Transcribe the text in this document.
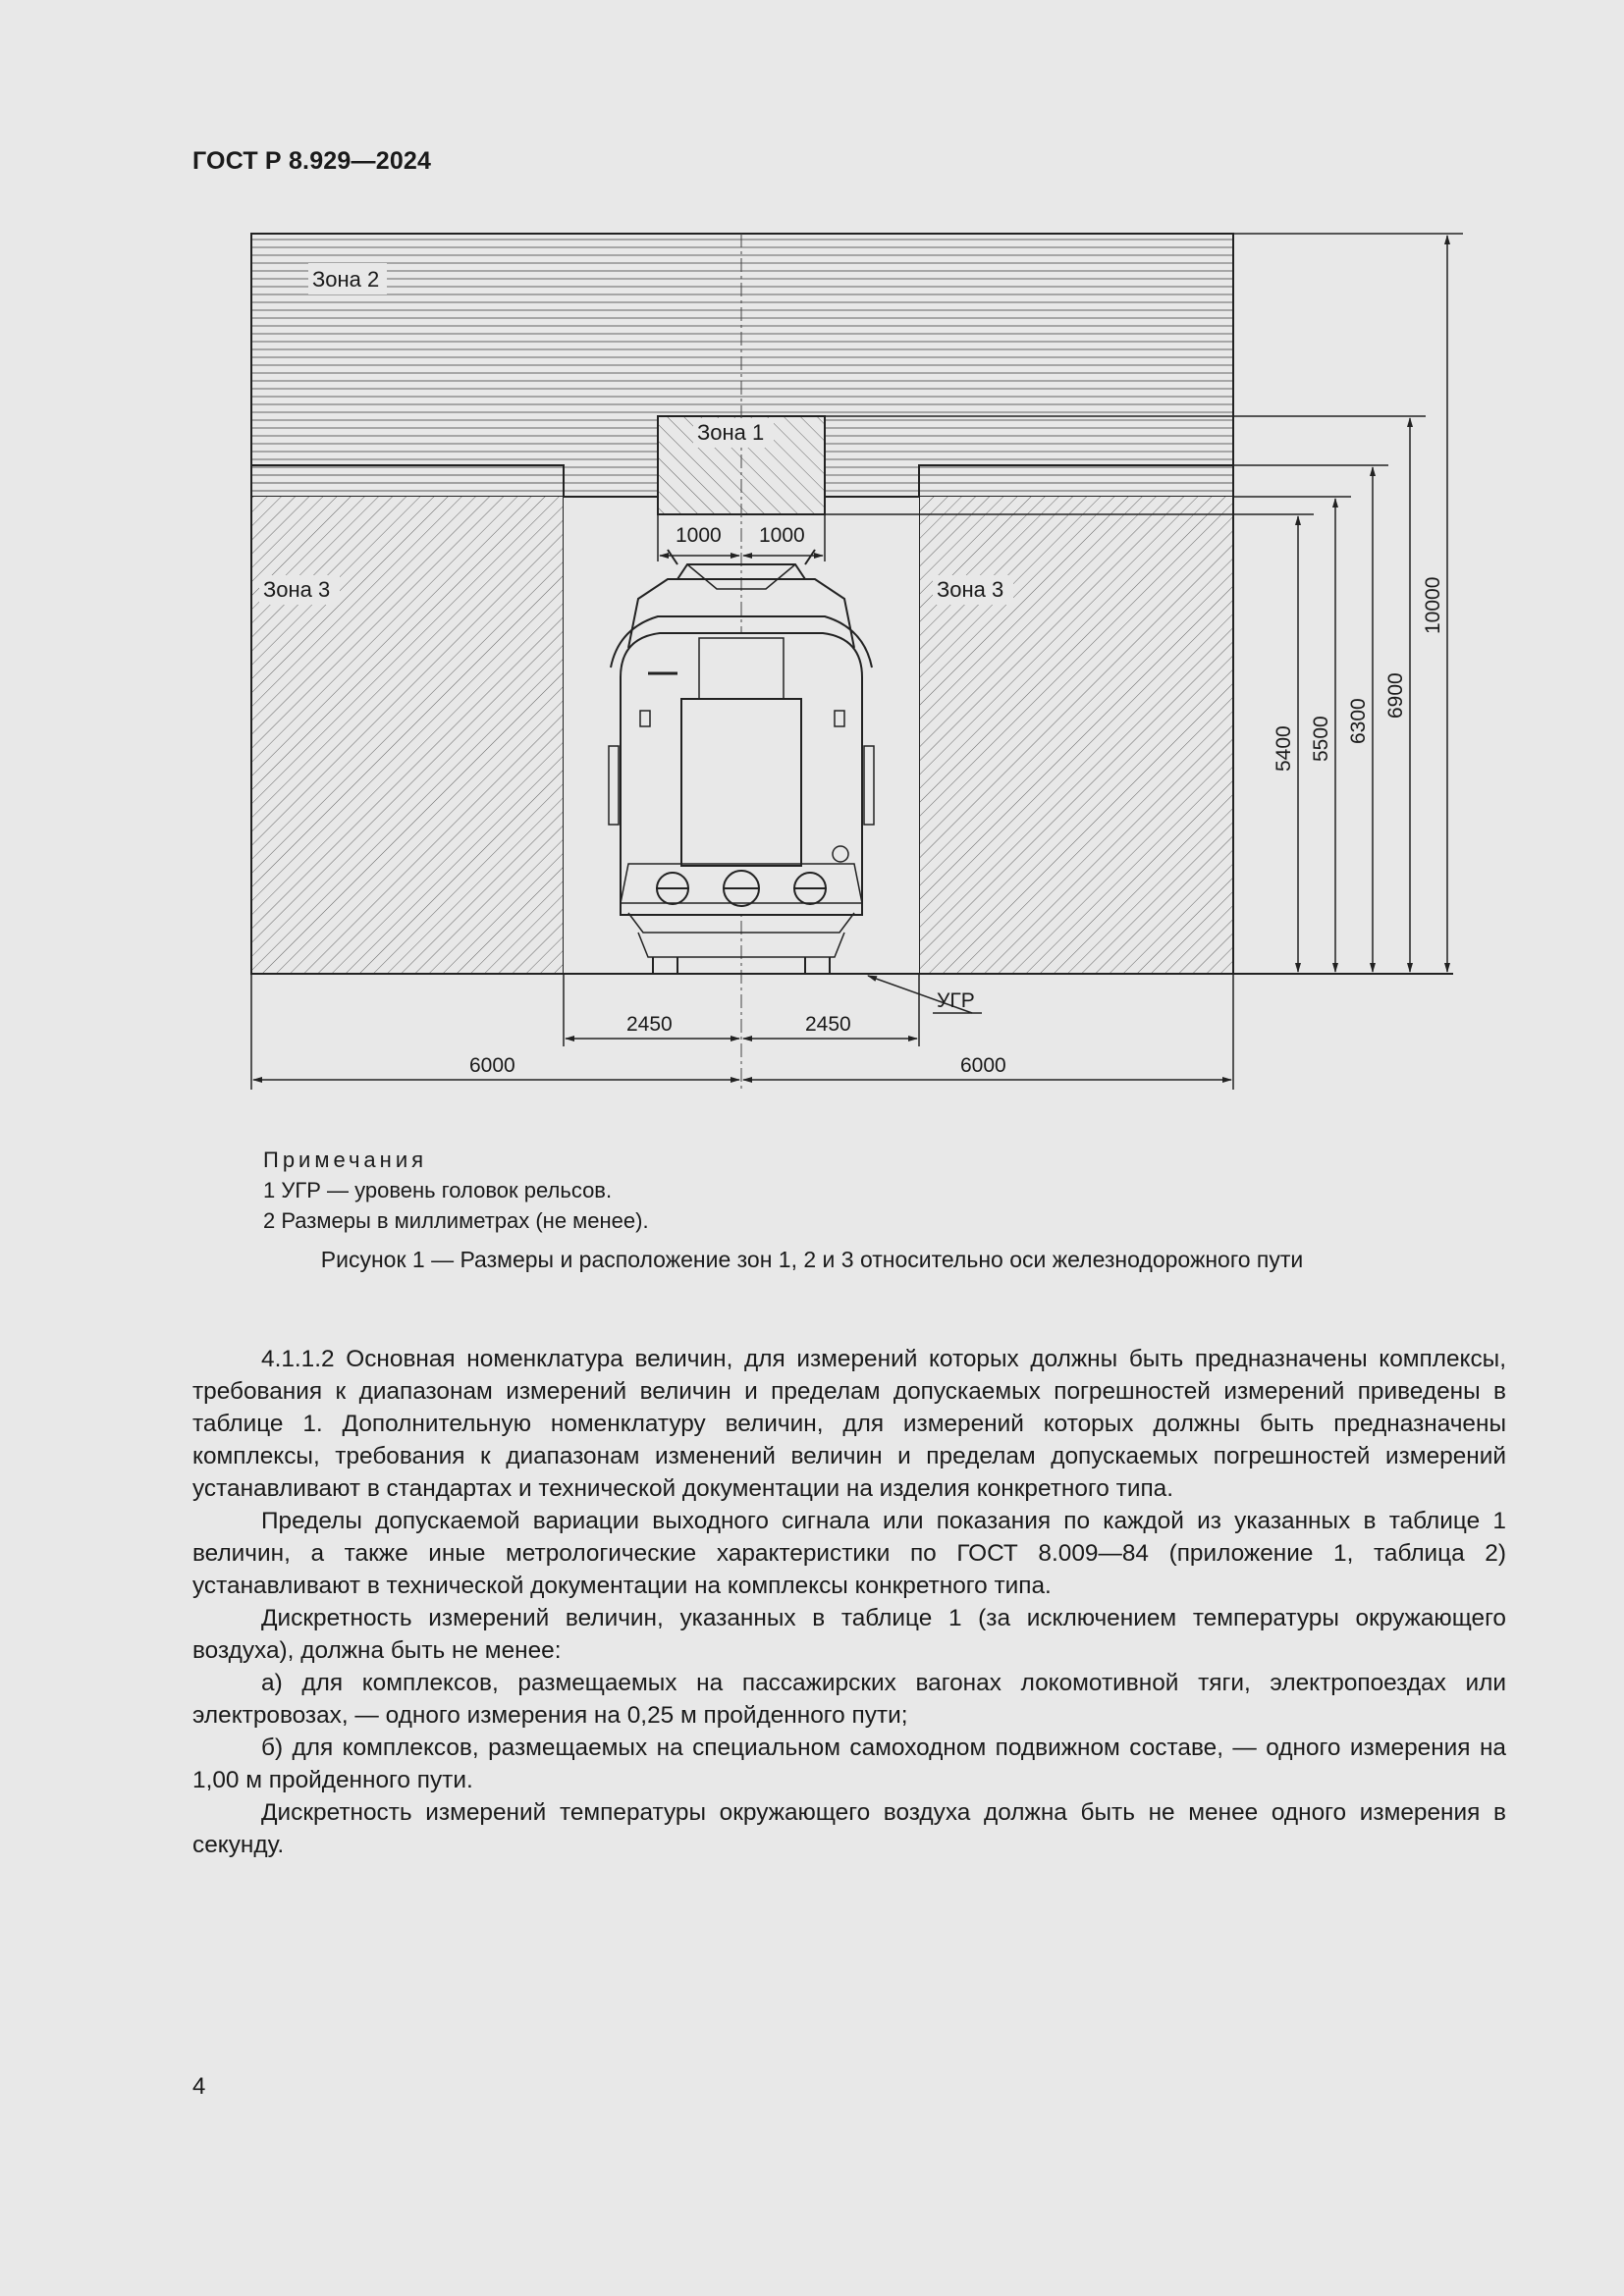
ГОСТ Р 8.929—2024
Зона 2
Зона 1
Зона 3	Зона 3
1000 1000
2450	2450
6000	6000
УГР
5400 5500 6300
6900
10000
Примечания
1 УГР — уровень головок рельсов.
2 Размеры в миллиметрах (не менее).
Рисунок 1 — Размеры и расположение зон 1, 2 и 3 относительно оси железнодорожного пути

4.1.1.2 Основная номенклатура величин, для измерений которых должны быть предназначены комплексы, требования к диапазонам измерений величин и пределам допускаемых погрешностей измерений приведены в таблице 1. Дополнительную номенклатуру величин, для измерений которых должны быть предназначены комплексы, требования к диапазонам изменений величин и пределам допускаемых погрешностей измерений устанавливают в стандартах и технической документации на изделия конкретного типа.

Пределы допускаемой вариации выходного сигнала или показания по каждой из указанных в таблице 1 величин, а также иные метрологические характеристики по ГОСТ 8.009—84 (приложение 1, таблица 2) устанавливают в технической документации на комплексы конкретного типа.

Дискретность измерений величин, указанных в таблице 1 (за исключением температуры окружающего воздуха), должна быть не менее:

а) для комплексов, размещаемых на пассажирских вагонах локомотивной тяги, электропоездах или электровозах, — одного измерения на 0,25 м пройденного пути;

б) для комплексов, размещаемых на специальном самоходном подвижном составе, — одного измерения на 1,00 м пройденного пути.

Дискретность измерений температуры окружающего воздуха должна быть не менее одного измерения в секунду.

4
